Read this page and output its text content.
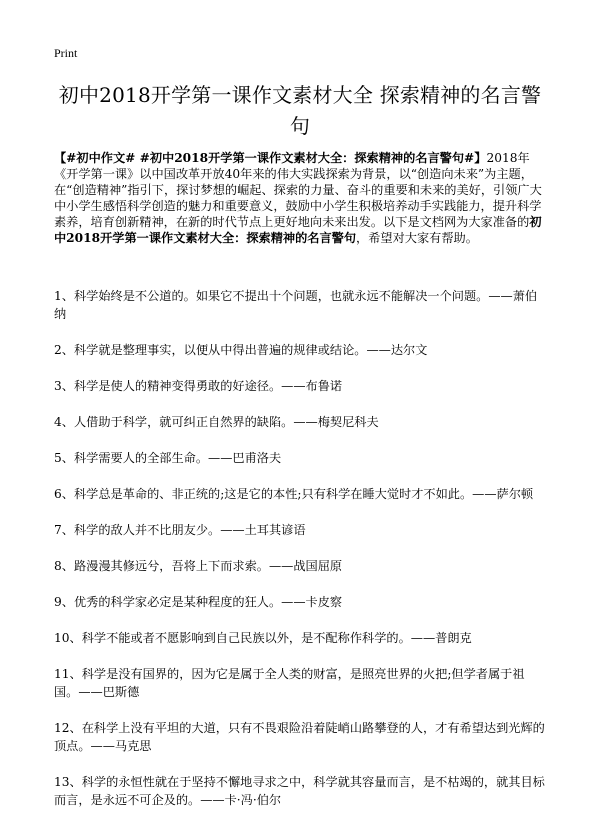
Print
初中2018开学第一课作文素材大全 探索精神的名言警句

【#初中作文# #初中2018开学第一课作文素材大全：探索精神的名言警句#】2018年《开学第一课》以中国改革开放40年来的伟大实践探索为背景，以“创造向未来”为主题，在“创造精神”指引下，探讨梦想的崛起、探索的力量、奋斗的重要和未来的美好，引领广大中小学生感悟科学创造的魅力和重要意义，鼓励中小学生积极培养动手实践能力，提升科学素养，培育创新精神，在新的时代节点上更好地向未来出发。以下是文档网为大家准备的初中2018开学第一课作文素材大全：探索精神的名言警句，希望对大家有帮助。

1、科学始终是不公道的。如果它不提出十个问题，也就永远不能解决一个问题。——萧伯纳
2、科学就是整理事实，以便从中得出普遍的规律或结论。——达尔文
3、科学是使人的精神变得勇敢的好途径。——布鲁诺
4、人借助于科学，就可纠正自然界的缺陷。——梅契尼科夫
5、科学需要人的全部生命。——巴甫洛夫
6、科学总是革命的、非正统的;这是它的本性;只有科学在睡大觉时才不如此。——萨尔顿
7、科学的敌人并不比朋友少。——土耳其谚语
8、路漫漫其修远兮，吾将上下而求索。——战国屈原
9、优秀的科学家必定是某种程度的狂人。——卡皮察
10、科学不能或者不愿影响到自己民族以外，是不配称作科学的。——普朗克
11、科学是没有国界的，因为它是属于全人类的财富，是照亮世界的火把;但学者属于祖国。——巴斯德
12、在科学上没有平坦的大道，只有不畏艰险沿着陡峭山路攀登的人，才有希望达到光辉的顶点。——马克思
13、科学的永恒性就在于坚持不懈地寻求之中，科学就其容量而言，是不枯竭的，就其目标而言，是永远不可企及的。——卡·冯·伯尔
